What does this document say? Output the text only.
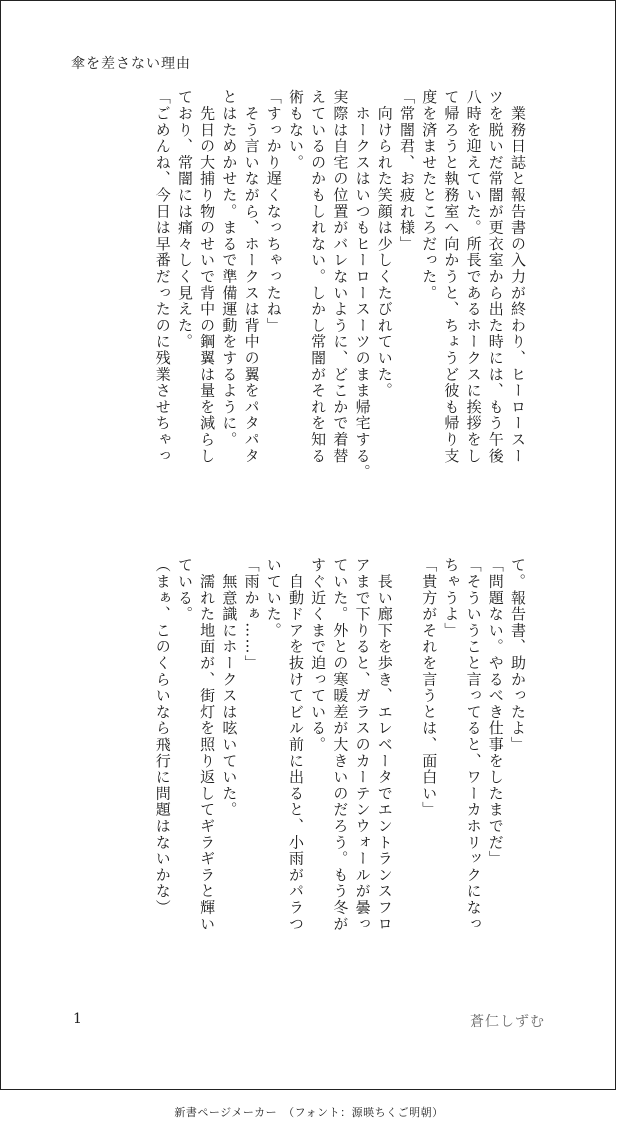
傘を差さない理由

　業務日誌と報告書の入力が終わり、ヒーロースー

ツを脱いだ常闇が更衣室から出た時には、もう午後

八時を迎えていた。所長であるホークスに挨拶をし

て帰ろうと執務室へ向かうと、ちょうど彼も帰り支

度を済ませたところだった。

「常闇君、お疲れ様」

　向けられた笑顔は少しくたびれていた。

　ホークスはいつもヒーロースーツのまま帰宅する。

実際は自宅の位置がバレないように、どこかで着替

えているのかもしれない。しかし常闇がそれを知る

術もない。

「すっかり遅くなっちゃったね」

　そう言いながら、ホークスは背中の翼をパタパタ

とはためかせた。まるで準備運動をするように。

　先日の大捕り物のせいで背中の鋼翼は量を減らし

ており、常闇には痛々しく見えた。

「ごめんね、今日は早番だったのに残業させちゃっ

て。報告書、助かったよ」

「問題ない。やるべき仕事をしたまでだ」

「そういうこと言ってると、ワーカホリックになっ

ちゃうよ」

「貴方がそれを言うとは、面白い」

　長い廊下を歩き、エレベータでエントランスフロ

アまで下りると、ガラスのカーテンウォールが曇っ

ていた。外との寒暖差が大きいのだろう。もう冬が

すぐ近くまで迫っている。

　自動ドアを抜けてビル前に出ると、小雨がパラつ

いていた。

「雨かぁ……」

　無意識にホークスは呟いていた。

　濡れた地面が、街灯を照り返してギラギラと輝い

ている。

（まぁ、このくらいなら飛行に問題はないかな）

1	蒼仁しずむ
新書ページメーカー　（フォント：源暎ちくご明朝）
